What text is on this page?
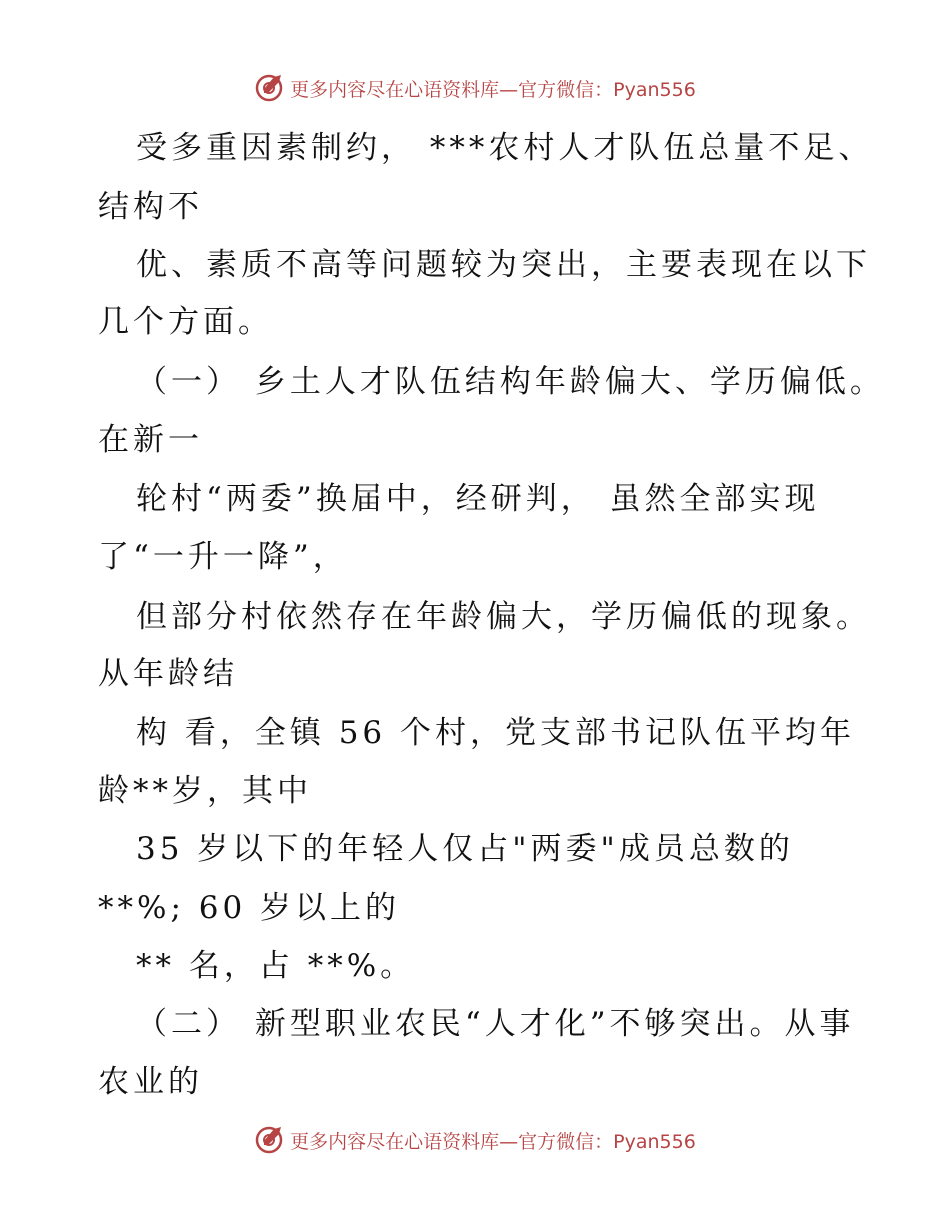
更多内容尽在心语资料库—官方微信：Pyan556
受多重因素制约， ***农村人才队伍总量不足、
结构不
优、素质不高等问题较为突出，主要表现在以下
几个方面。
（一） 乡土人才队伍结构年龄偏大、学历偏低。
在新一
轮村“两委”换届中，经研判， 虽然全部实现
了“一升一降”，
但部分村依然存在年龄偏大，学历偏低的现象。
从年龄结
构 看，全镇 56 个村，党支部书记队伍平均年
龄**岁，其中
35 岁以下的年轻人仅占"两委"成员总数的
**%; 60 岁以上的
** 名，占 **%。
（二） 新型职业农民“人才化”不够突出。从事
农业的
更多内容尽在心语资料库—官方微信：Pyan556
